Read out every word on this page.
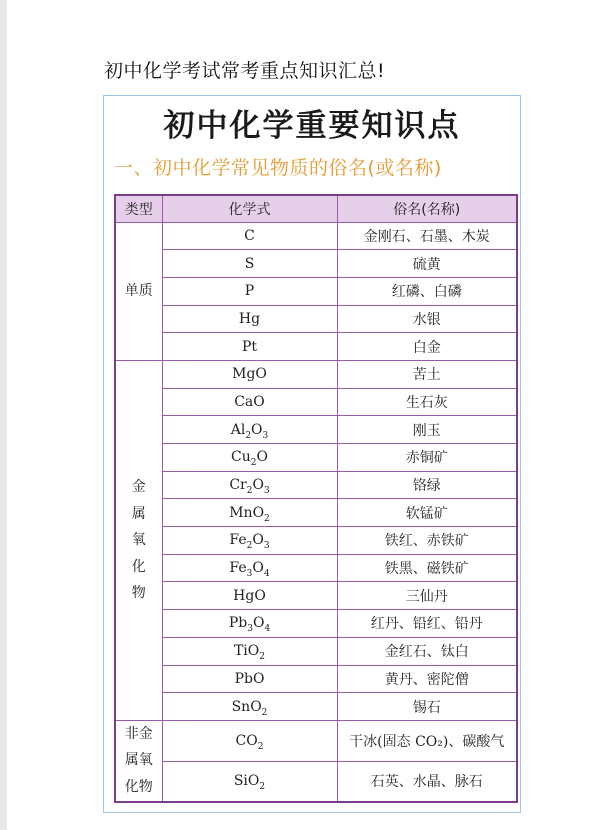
初中化学考试常考重点知识汇总!
初中化学重要知识点
一、初中化学常见物质的俗名(或名称)
类型	化学式	俗名(名称)

单质	C	金刚石、石墨、木炭
	S	硫黄
	P	红磷、白磷
	Hg	水银
	Pt	白金

金
属
氧
化
物	MgO	苦土
	CaO	生石灰
	$Al_2O_3$	刚玉
	$Cu_2O$	赤铜矿
	$Cr_2O_3$	铬绿
	MnO$_2$	软锰矿
	$Fe_2O_3$	铁红、赤铁矿
	$Fe_3O_4$	铁黑、磁铁矿
	HgO	三仙丹
	$Pb_3O_4$	红丹、铅红、铅丹
	TiO$_2$	金红石、钛白
	PbO	黄丹、密陀僧
	SnO$_2$	锡石

非金
属氧
化物	$CO_2$	干冰(固态 CO₂)、碳酸气
	SiO$_2$	石英、水晶、脉石
